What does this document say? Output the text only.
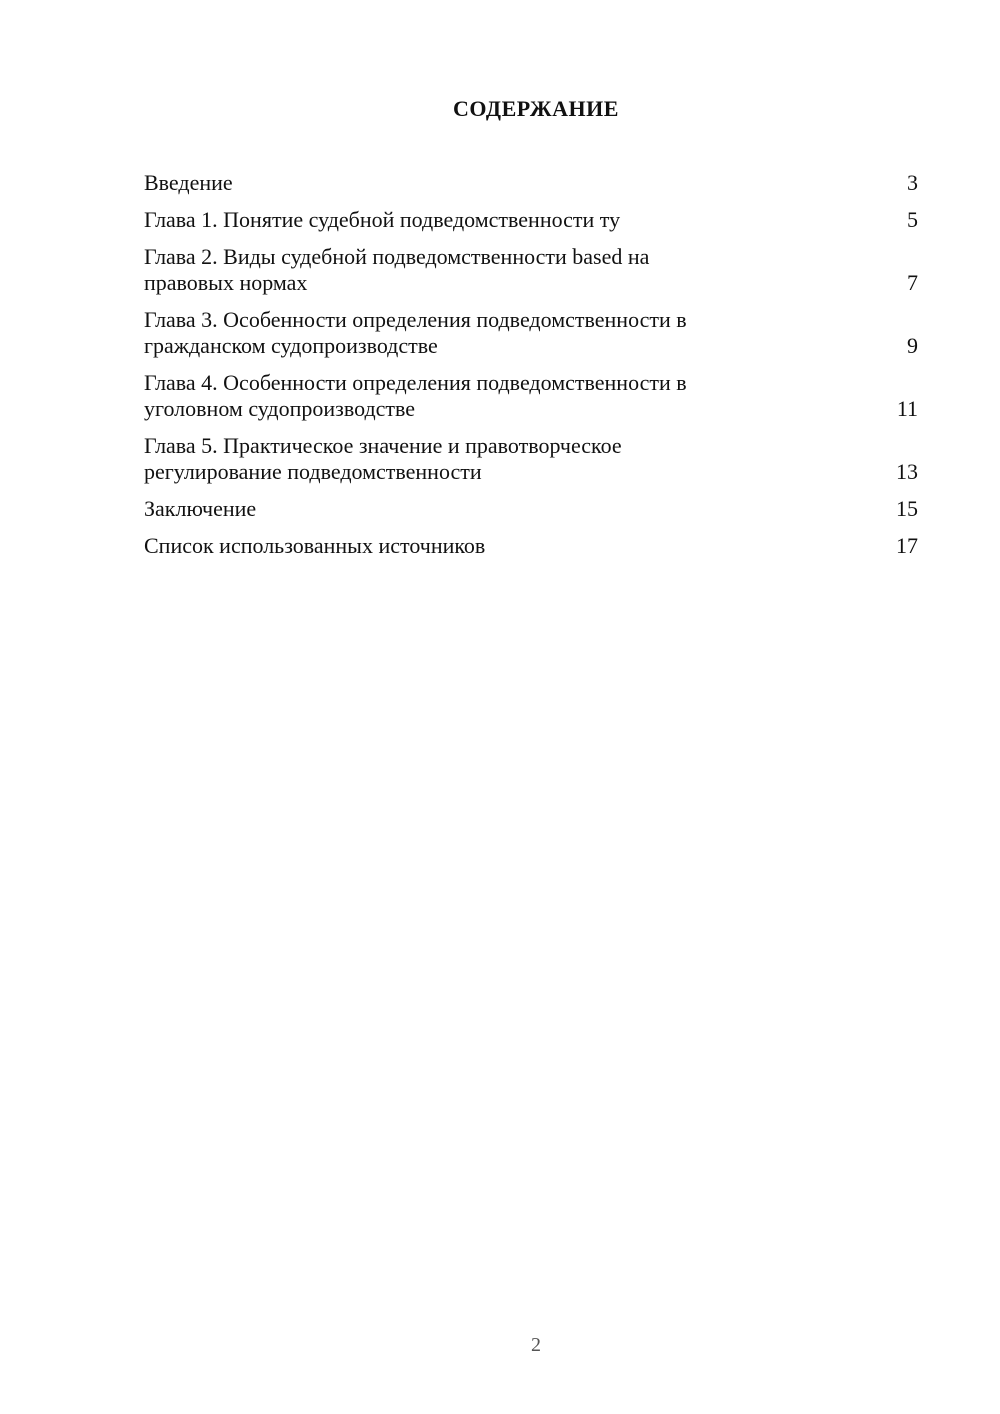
СОДЕРЖАНИЕ
Введение	3
Глава 1. Понятие судебной подведомственности ту	5
Глава 2. Виды судебной подведомственности based на
правовых нормах	7
Глава 3. Особенности определения подведомственности в
гражданском судопроизводстве	9
Глава 4. Особенности определения подведомственности в
уголовном судопроизводстве	11
Глава 5. Практическое значение и правотворческое
регулирование подведомственности	13
Заключение	15
Список использованных источников	17
2
